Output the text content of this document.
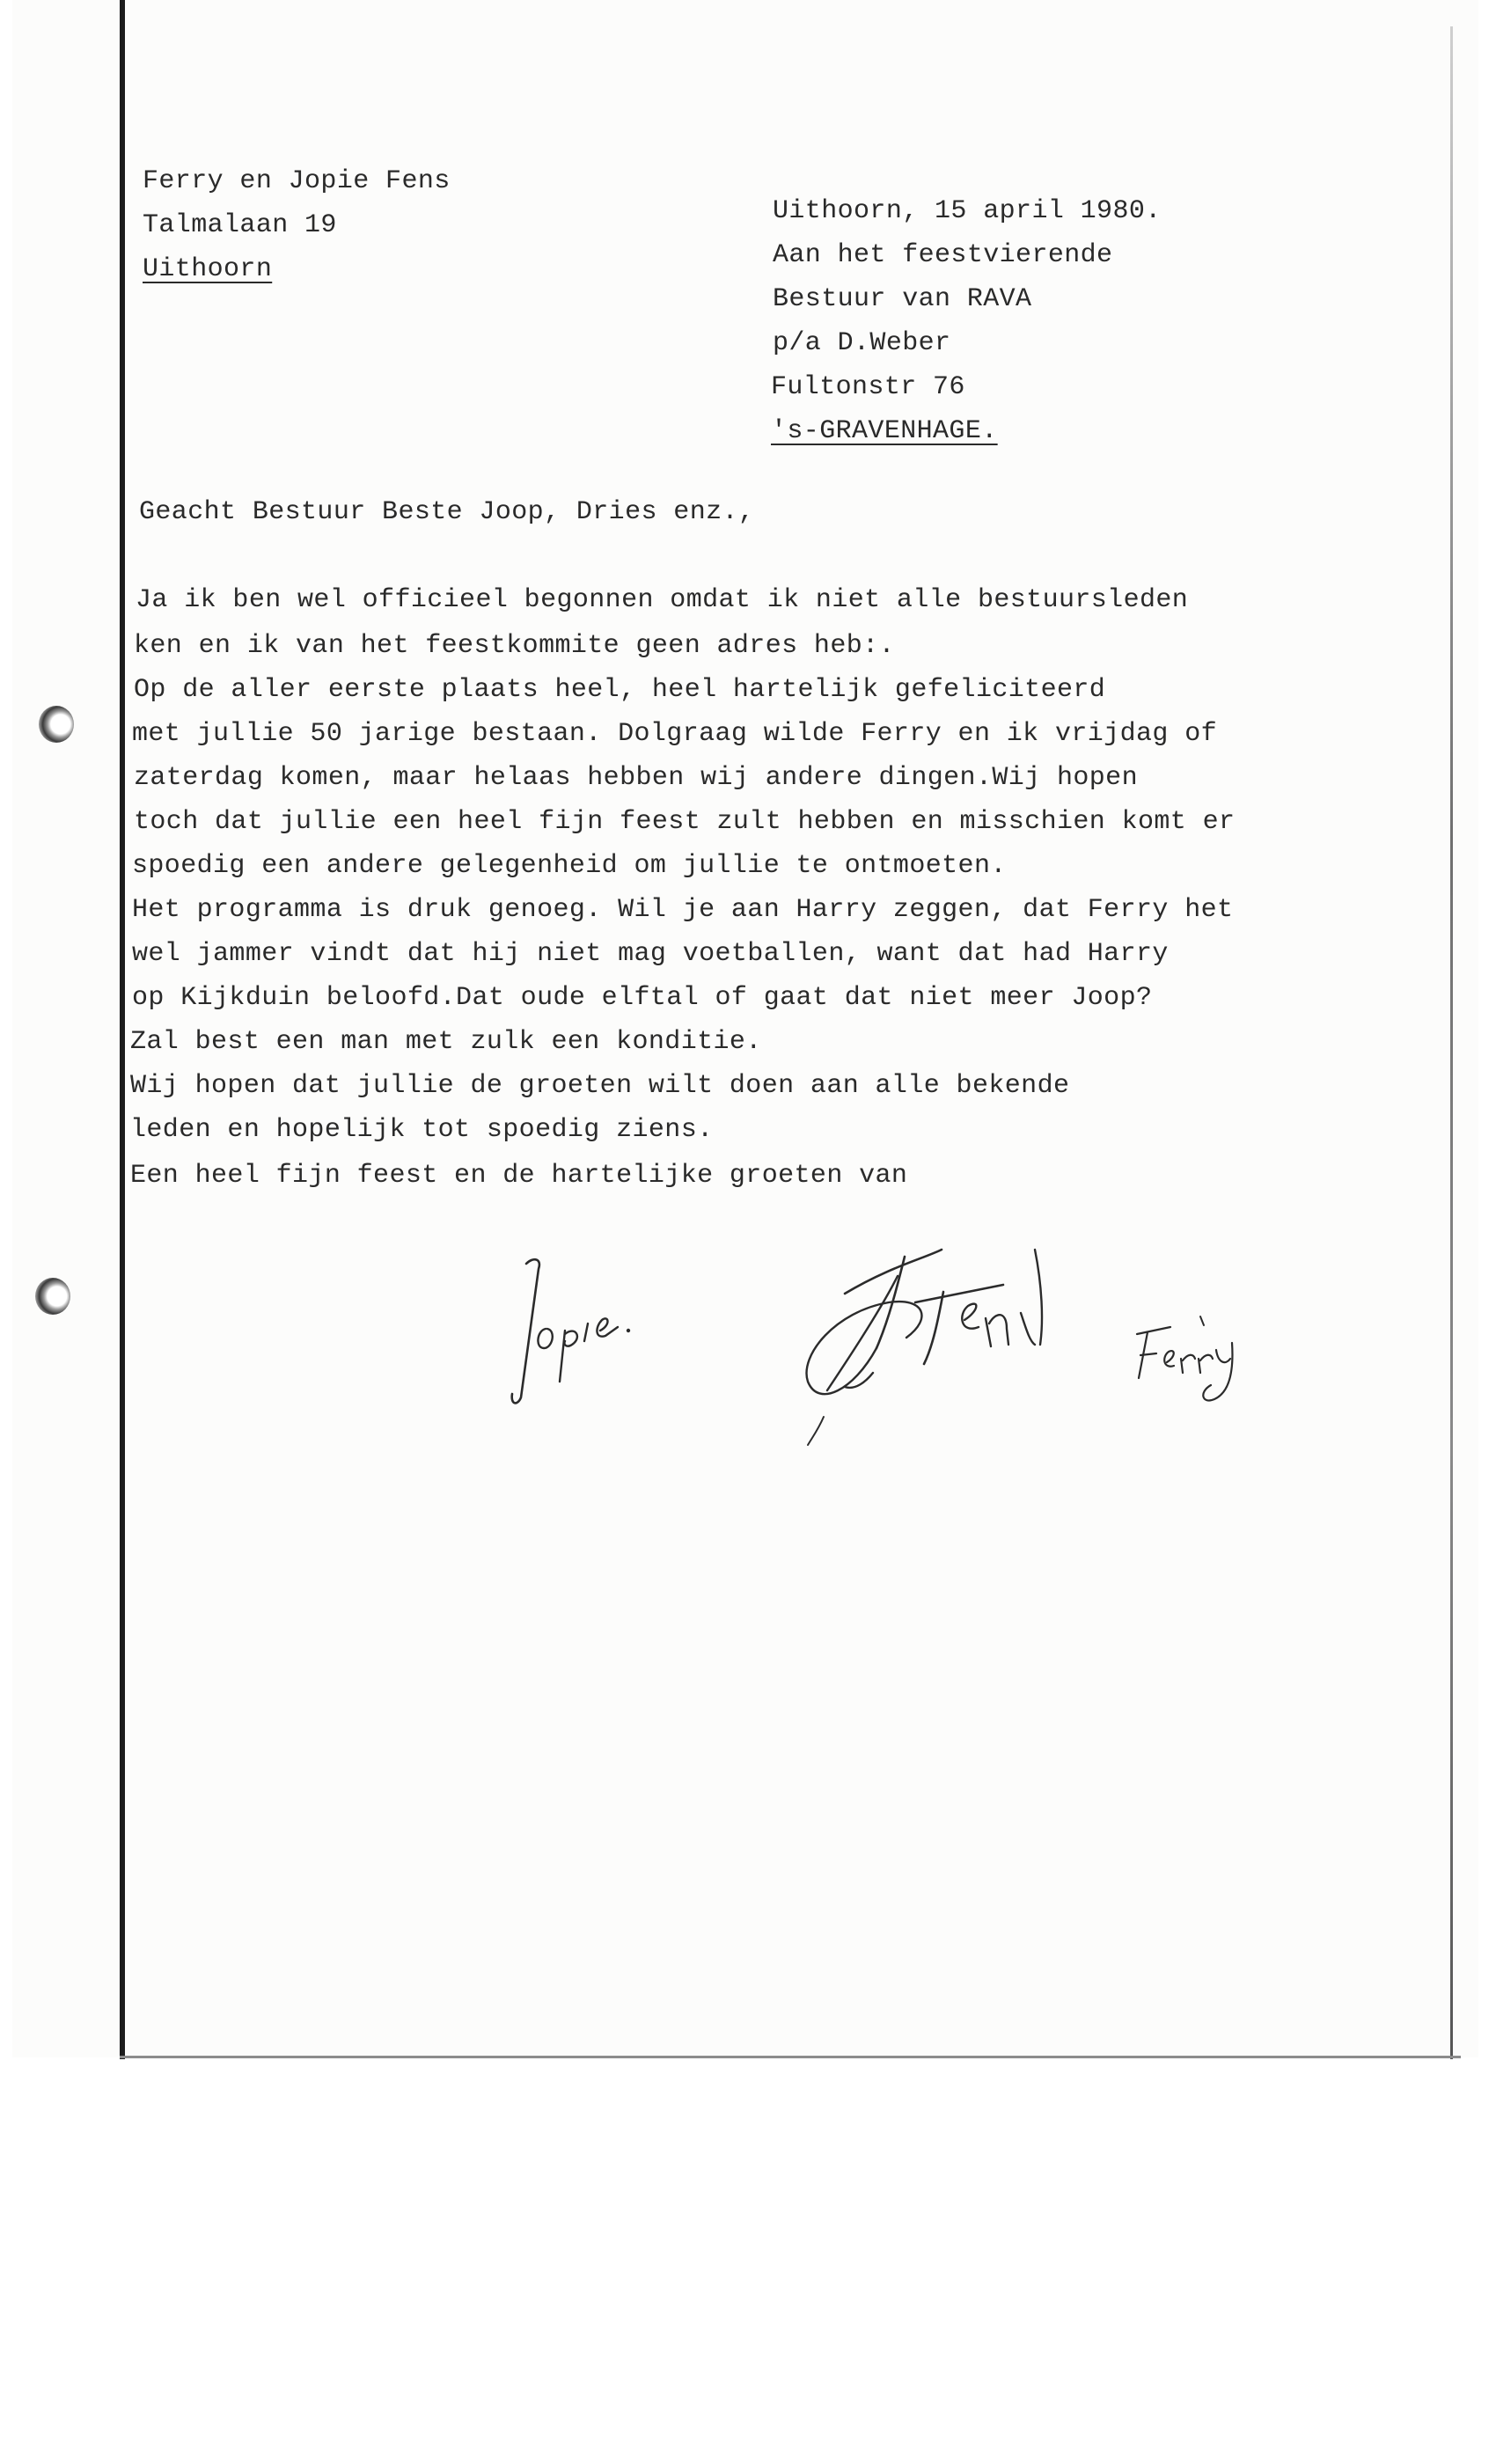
Ferry en Jopie Fens
Talmalaan 19
Uithoorn
Uithoorn, 15 april 1980.
Aan het feestvierende
Bestuur van RAVA
p/a D.Weber
Fultonstr 76
's-GRAVENHAGE.
Geacht Bestuur Beste Joop, Dries enz.,
Ja ik ben wel officieel begonnen omdat ik niet alle bestuursleden
ken en ik van het feestkommite geen adres heb:.
Op de aller eerste plaats heel, heel hartelijk gefeliciteerd
met jullie 50 jarige bestaan. Dolgraag wilde Ferry en ik vrijdag of
zaterdag komen, maar helaas hebben wij andere dingen.Wij hopen
toch dat jullie een heel fijn feest zult hebben en misschien komt er
spoedig een andere gelegenheid om jullie te ontmoeten.
Het programma is druk genoeg. Wil je aan Harry zeggen, dat Ferry het
wel jammer vindt dat hij niet mag voetballen, want dat had Harry
op Kijkduin beloofd.Dat oude elftal of gaat dat niet meer Joop?
Zal best een man met zulk een konditie.
Wij hopen dat jullie de groeten wilt doen aan alle bekende
leden en hopelijk tot spoedig ziens.
Een heel fijn feest en de hartelijke groeten van
